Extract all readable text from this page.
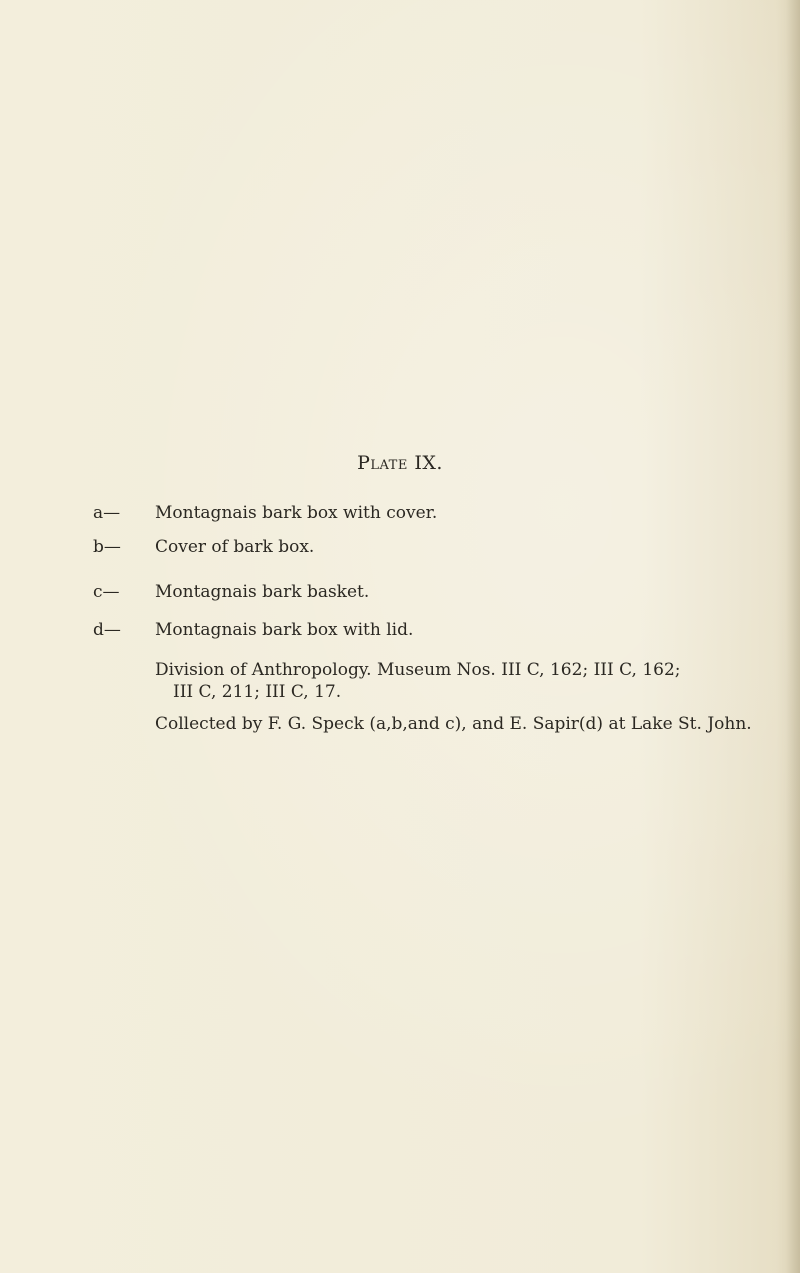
Plate IX.
a— Montagnais bark box with cover.
b— Cover of bark box.
c— Montagnais bark basket.
d— Montagnais bark box with lid.
Division of Anthropology. Museum Nos. III C, 162; III C, 162;
III C, 211; III C, 17.
Collected by F. G. Speck (a,b,and c), and E. Sapir(d) at Lake St. John.
